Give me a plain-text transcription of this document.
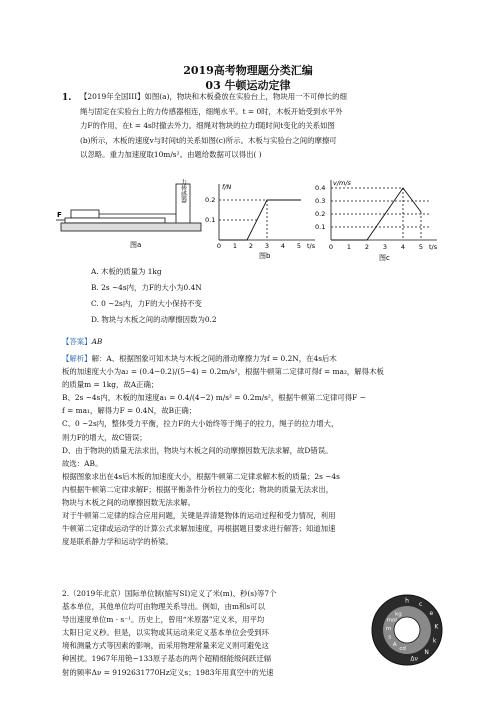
2019高考物理题分类汇编
03 牛顿运动定律
1. 【2019年全国III】如图(a)，物块和木板叠放在实验台上，物块用一不可伸长的细
绳与固定在实验台上的力传感器相连，细绳水平。t = 0时，木板开始受到水平外
力F的作用，在t = 4s时撤去外力。细绳对物块的拉力f随时间t变化的关系如图
(b)所示，木板的速度v与时间t的关系如图(c)所示。木板与实验台之间的摩擦可
以忽略。重力加速度取10m/s²。由题给数据可以得出( )
力传感器
F
图a
f/N
t/s
0.2
0.1
0 1 2 3 4 5
图b
v/m/s
t/s
0.4
0.3
0.2
0.1
0 1 2 3 4 5
图c
A. 木板的质量为 1kg
B. 2s ~4s内，力F的大小为0.4N
C. 0 ~2s内，力F的大小保持不变
D. 物块与木板之间的动摩擦因数为0.2
【答案】AB
【解析】解：A、根据图象可知木块与木板之间的滑动摩擦力为f = 0.2N，在4s后木
板的加速度大小为a₂ = (0.4−0.2)/(5−4) = 0.2m/s²，根据牛顿第二定律可得f = ma₂，解得木板
的质量m = 1kg，故A正确；
B、2s ~4s内，木板的加速度a₁ = 0.4/(4−2) m/s² = 0.2m/s²，根据牛顿第二定律可得F −
f = ma₁，解得力F = 0.4N，故B正确；
C、0 ~2s内，整体受力平衡，拉力F的大小始终等于绳子的拉力，绳子的拉力增大，
则力F的增大，故C错误；
D、由于物块的质量无法求出，物块与木板之间的动摩擦因数无法求解，故D错误。
故选：AB。
根据图象求出在4s后木板的加速度大小，根据牛顿第二定律求解木板的质量；2s ~4s
内根据牛顿第二定律求解F；根据平衡条件分析拉力的变化；物块的质量无法求出，
物块与木板之间的动摩擦因数无法求解。
对于牛顿第二定律的综合应用问题，关键是弄清楚物体的运动过程和受力情况，利用
牛顿第二定律或运动学的计算公式求解加速度，再根据题目要求进行解答；知道加速
度是联系静力学和运动学的桥梁。
2.（2019年北京）国际单位制(缩写SI)定义了米(m)、秒(s)等7个
基本单位，其他单位均可由物理关系导出。例如，由m和s可以
导出速度单位m · s⁻¹。历史上，曾用“米原器”定义米，用平均
太阳日定义秒。但是，以实物或其运动来定义基本单位会受到环
境和测量方式等因素的影响，而采用物理常量来定义则可避免这
种困扰。1967年用铯−133原子基态的两个超精细能级间跃迁辐
射的频率Δν = 9192631770Hz定义s；1983年用真空中的光速
h c
e
K
k
N
Δν
cd
A
s
m
mol
kg
